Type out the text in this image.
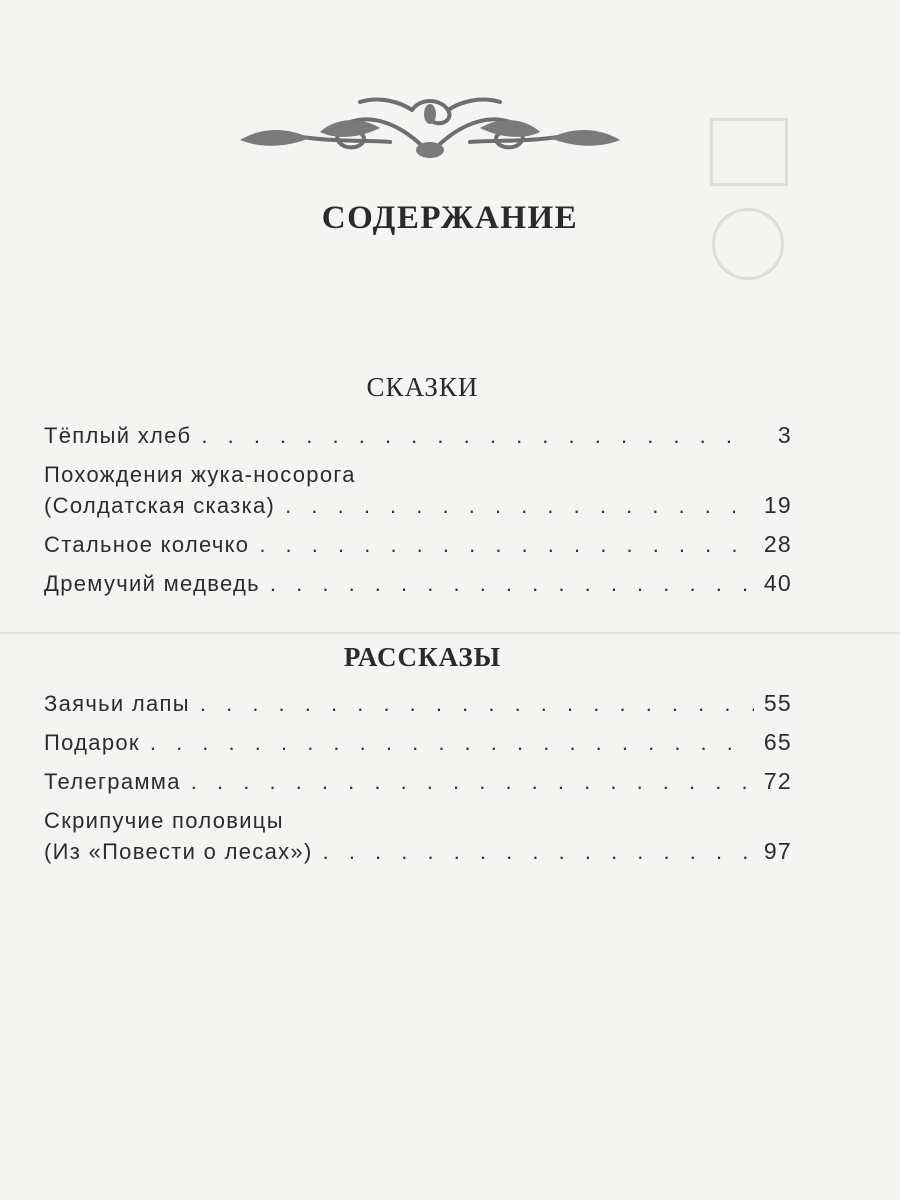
СОДЕРЖАНИЕ
СКАЗКИ
Тёплый хлеб . . .	3
Похождения жука-носорога
(Солдатская сказка) . . .	19
Стальное колечко . . .	28
Дремучий медведь . . .	40
РАССКАЗЫ
Заячьи лапы . . .	55
Подарок . . .	65
Телеграмма . . .	72
Скрипучие половицы
(Из «Повести о лесах») . . .	97
